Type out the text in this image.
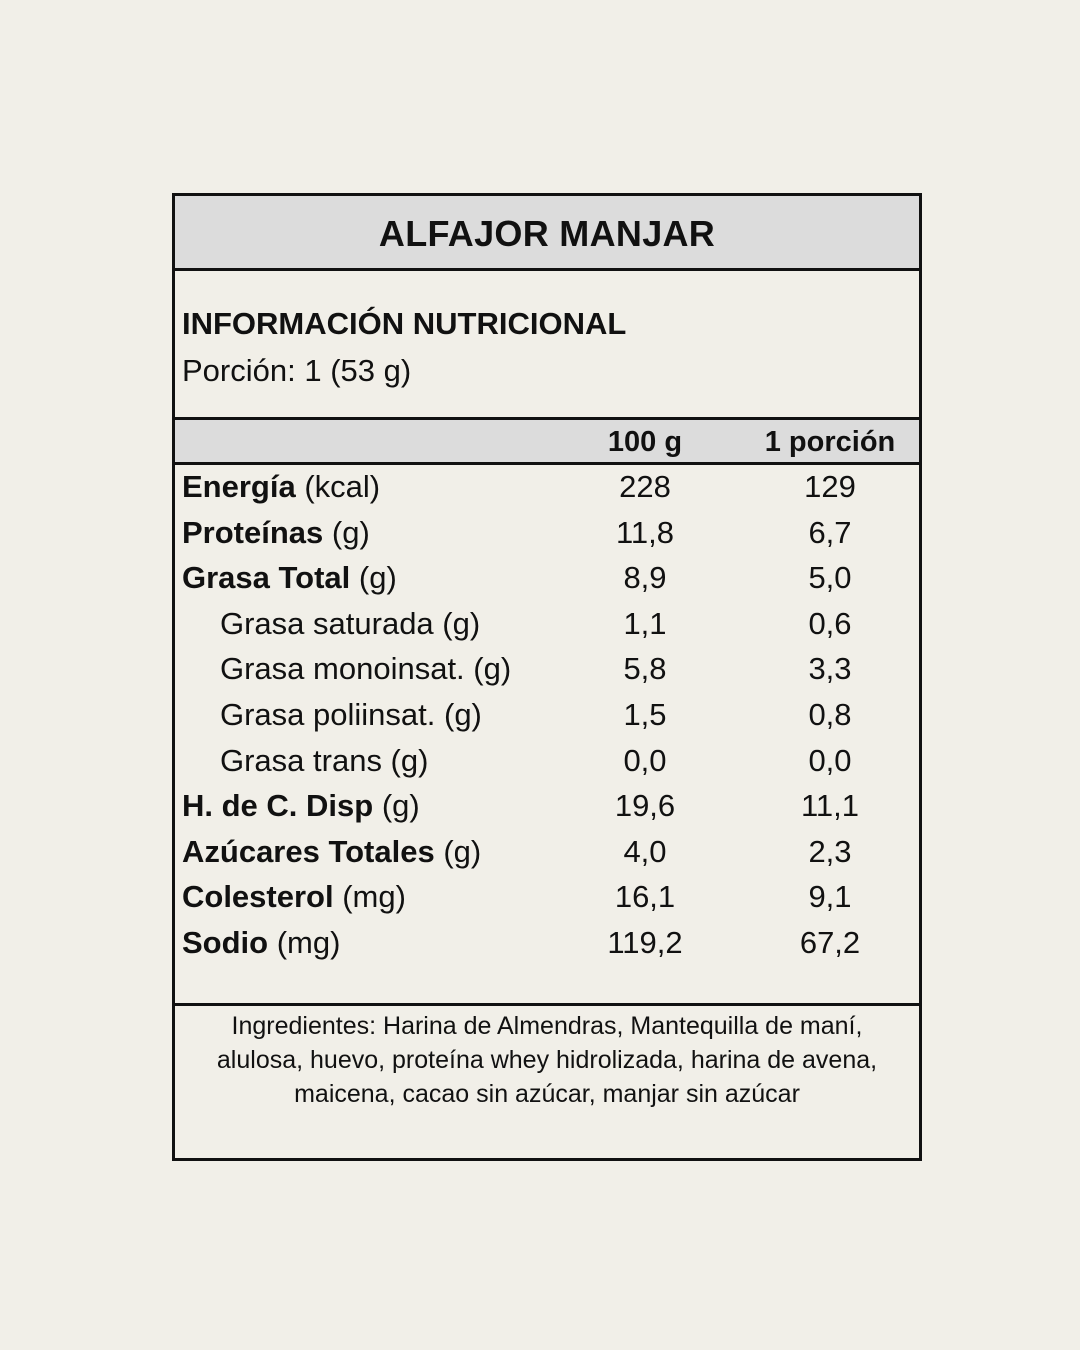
ALFAJOR MANJAR
INFORMACIÓN NUTRICIONAL
Porción: 1 (53 g)
100 g	1 porción
Energía (kcal)	228	129
Proteínas (g)	11,8	6,7
Grasa Total (g)	8,9	5,0
Grasa saturada (g)	1,1	0,6
Grasa monoinsat. (g)	5,8	3,3
Grasa poliinsat. (g)	1,5	0,8
Grasa trans (g)	0,0	0,0
H. de C. Disp (g)	19,6	11,1
Azúcares Totales (g)	4,0	2,3
Colesterol (mg)	16,1	9,1
Sodio (mg)	119,2	67,2
Ingredientes: Harina de Almendras, Mantequilla de maní, alulosa, huevo, proteína whey hidrolizada, harina de avena, maicena, cacao sin azúcar, manjar sin azúcar
